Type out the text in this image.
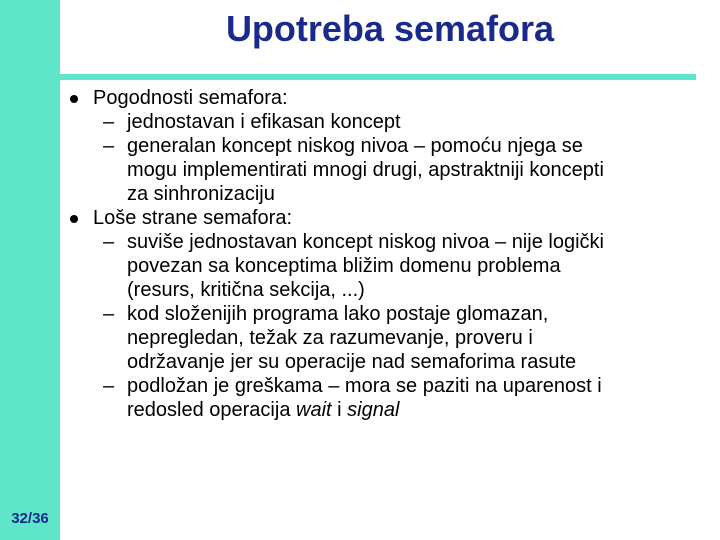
32/36
Upotreba semafora
Pogodnosti semafora:
– jednostavan i efikasan koncept
– generalan koncept niskog nivoa – pomoću njega se
mogu implementirati mnogi drugi, apstraktniji koncepti
za sinhronizaciju
Loše strane semafora:
– suviše jednostavan koncept niskog nivoa – nije logički
povezan sa konceptima bližim domenu problema
(resurs, kritična sekcija, ...)
– kod složenijih programa lako postaje glomazan,
nepregledan, težak za razumevanje, proveru i
održavanje jer su operacije nad semaforima rasute
– podložan je greškama – mora se paziti na uparenost i
redosled operacija wait i signal
